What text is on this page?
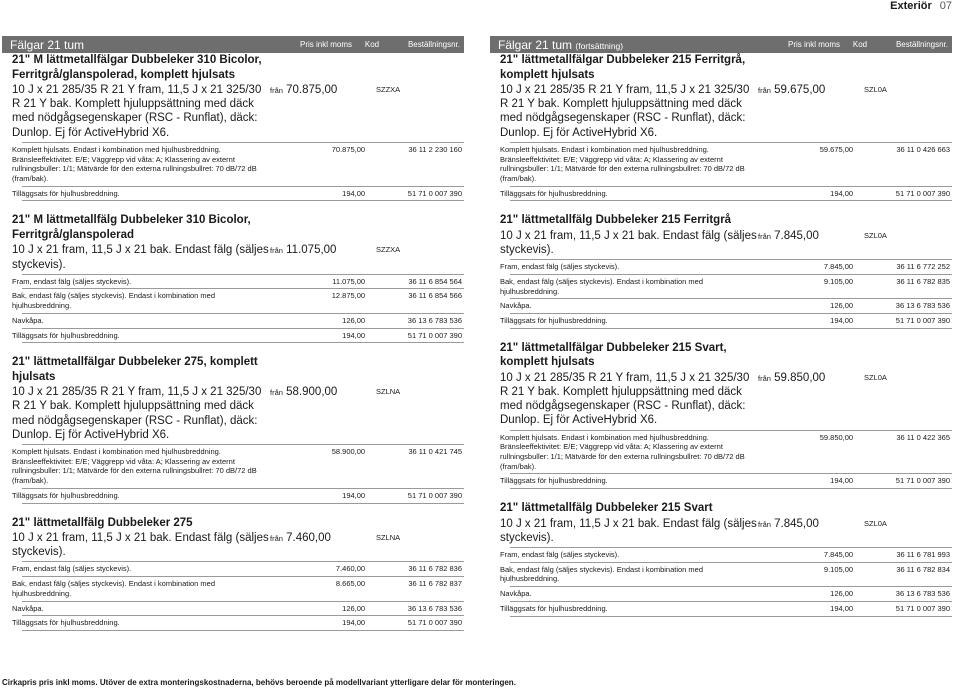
Exteriör 07
Fälgar 21 tum	Pris inkl moms	Kod	Beställningsnr.
21" M lättmetallfälgar Dubbeleker 310 Bicolor,
Ferritgrå/glanspolerad, komplett hjulsats
10 J x 21 285/35 R 21 Y fram, 11,5 J x 21 325/30 R 21 Y bak. Komplett hjuluppsättning med däck med nödgågsegenskaper (RSC - Runflat), däck: Dunlop. Ej för ActiveHybrid X6.
från 70.875,00	SZZXA
Komplett hjulsats. Endast i kombination med hjulhusbreddning. Bränsleeffektivitet: E/E; Väggrepp vid våta: A; Klassering av externt rullningsbuller: 1/1; Mätvärde för den externa rullningsbullret: 70 dB/72 dB (fram/bak).
70.875,00	36 11 2 230 160
Tilläggsats för hjulhusbreddning.	194,00	51 71 0 007 390
21" M lättmetallfälg Dubbeleker 310 Bicolor,
Ferritgrå/glanspolerad
10 J x 21 fram, 11,5 J x 21 bak. Endast fälg (säljes styckevis).
från 11.075,00	SZZXA
Fram, endast fälg (säljes styckevis).	11.075,00	36 11 6 854 564
Bak, endast fälg (säljes styckevis). Endast i kombination med hjulhusbreddning.
12.875,00	36 11 6 854 566
Navkåpa.	126,00	36 13 6 783 536
Tilläggsats för hjulhusbreddning.	194,00	51 71 0 007 390
21" lättmetallfälgar Dubbeleker 275, komplett
hjulsats
10 J x 21 285/35 R 21 Y fram, 11,5 J x 21 325/30 R 21 Y bak. Komplett hjuluppsättning med däck med nödgågsegenskaper (RSC - Runflat), däck: Dunlop. Ej för ActiveHybrid X6.
från 58.900,00	SZLNA
Komplett hjulsats. Endast i kombination med hjulhusbreddning. Bränsleeffektivitet: E/E; Väggrepp vid våta: A; Klassering av externt rullningsbuller: 1/1; Mätvärde för den externa rullningsbullret: 70 dB/72 dB (fram/bak).
58.900,00	36 11 0 421 745
Tilläggsats för hjulhusbreddning.	194,00	51 71 0 007 390
21" lättmetallfälg Dubbeleker 275
10 J x 21 fram, 11,5 J x 21 bak. Endast fälg (säljes styckevis).
från 7.460,00	SZLNA
Fram, endast fälg (säljes styckevis).	7.460,00	36 11 6 782 836
Bak, endast fälg (säljes styckevis). Endast i kombination med hjulhusbreddning.
8.665,00	36 11 6 782 837
Navkåpa.	126,00	36 13 6 783 536
Tilläggsats för hjulhusbreddning.	194,00	51 71 0 007 390
Fälgar 21 tum (fortsättning)	Pris inkl moms	Kod	Beställningsnr.
21" lättmetallfälgar Dubbeleker 215 Ferritgrå,
komplett hjulsats
10 J x 21 285/35 R 21 Y fram, 11,5 J x 21 325/30 R 21 Y bak. Komplett hjuluppsättning med däck med nödgågsegenskaper (RSC - Runflat), däck: Dunlop. Ej för ActiveHybrid X6.
från 59.675,00	SZL0A
Komplett hjulsats. Endast i kombination med hjulhusbreddning. Bränsleeffektivitet: E/E; Väggrepp vid våta: A; Klassering av externt rullningsbuller: 1/1; Mätvärde för den externa rullningsbullret: 70 dB/72 dB (fram/bak).
59.675,00	36 11 0 426 663
Tilläggsats för hjulhusbreddning.	194,00	51 71 0 007 390
21" lättmetallfälg Dubbeleker 215 Ferritgrå
10 J x 21 fram, 11,5 J x 21 bak. Endast fälg (säljes styckevis).
från 7.845,00	SZL0A
Fram, endast fälg (säljes styckevis).	7.845,00	36 11 6 772 252
Bak, endast fälg (säljes styckevis). Endast i kombination med hjulhusbreddning.
9.105,00	36 11 6 782 835
Navkåpa.	126,00	36 13 6 783 536
Tilläggsats för hjulhusbreddning.	194,00	51 71 0 007 390
21" lättmetallfälgar Dubbeleker 215 Svart,
komplett hjulsats
10 J x 21 285/35 R 21 Y fram, 11,5 J x 21 325/30 R 21 Y bak. Komplett hjuluppsättning med däck med nödgågsegenskaper (RSC - Runflat), däck: Dunlop. Ej för ActiveHybrid X6.
från 59.850,00	SZL0A
Komplett hjulsats. Endast i kombination med hjulhusbreddning. Bränsleeffektivitet: E/E; Väggrepp vid våta: A; Klassering av externt rullningsbuller: 1/1; Mätvärde för den externa rullningsbullret: 70 dB/72 dB (fram/bak).
59.850,00	36 11 0 422 365
Tilläggsats för hjulhusbreddning.	194,00	51 71 0 007 390
21" lättmetallfälg Dubbeleker 215 Svart
10 J x 21 fram, 11,5 J x 21 bak. Endast fälg (säljes styckevis).
från 7.845,00	SZL0A
Fram, endast fälg (säljes styckevis).	7.845,00	36 11 6 781 993
Bak, endast fälg (säljes styckevis). Endast i kombination med hjulhusbreddning.
9.105,00	36 11 6 782 834
Navkåpa.	126,00	36 13 6 783 536
Tilläggsats för hjulhusbreddning.	194,00	51 71 0 007 390
Cirkapris pris inkl moms. Utöver de extra monteringskostnaderna, behövs beroende på modellvariant ytterligare delar för monteringen.
